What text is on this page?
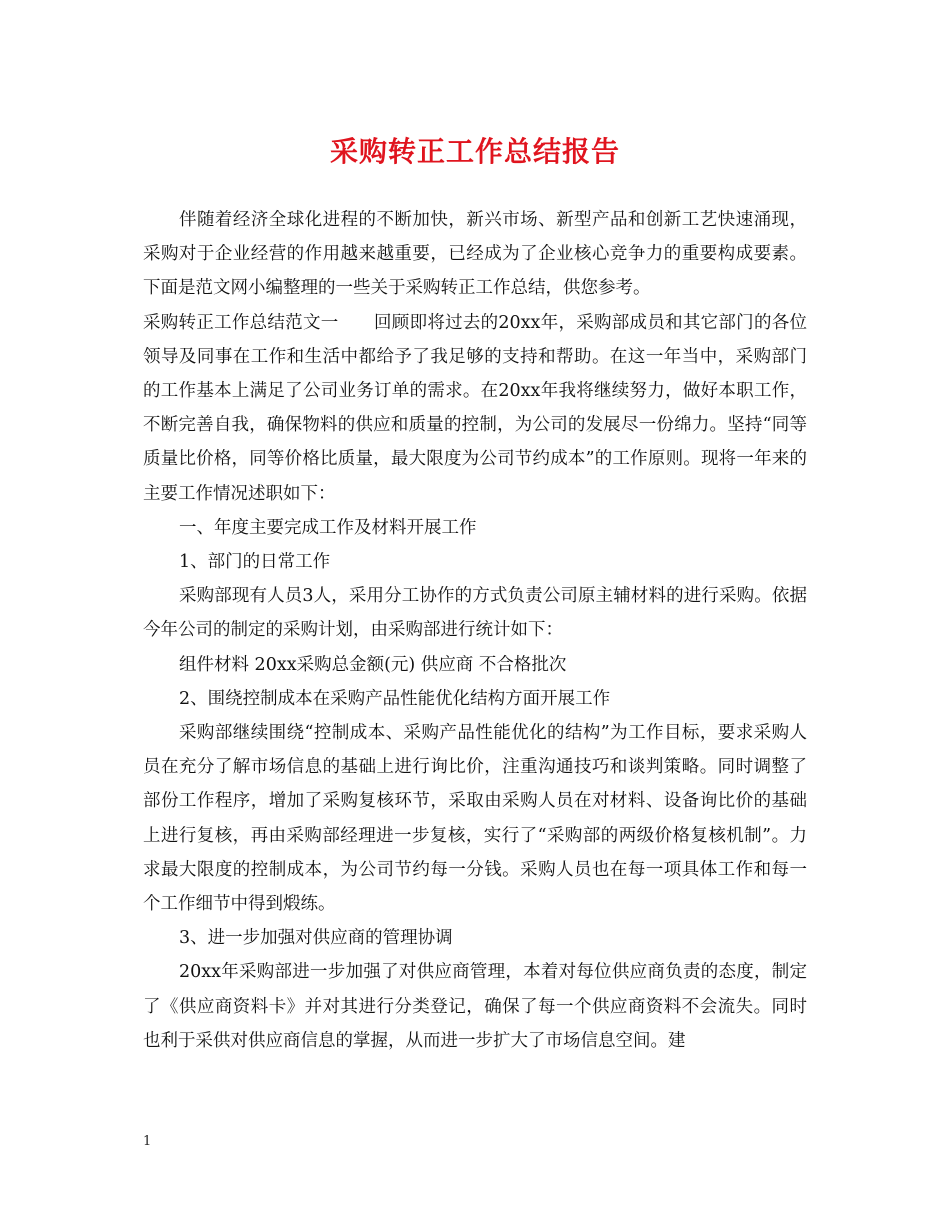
采购转正工作总结报告

伴随着经济全球化进程的不断加快，新兴市场、新型产品和创新工艺快速涌现，采购对于企业经营的作用越来越重要，已经成为了企业核心竞争力的重要构成要素。下面是范文网小编整理的一些关于采购转正工作总结，供您参考。

采购转正工作总结范文一　　回顾即将过去的20xx年，采购部成员和其它部门的各位领导及同事在工作和生活中都给予了我足够的支持和帮助。在这一年当中，采购部门的工作基本上满足了公司业务订单的需求。在20xx年我将继续努力，做好本职工作，不断完善自我，确保物料的供应和质量的控制，为公司的发展尽一份绵力。坚持“同等质量比价格，同等价格比质量，最大限度为公司节约成本”的工作原则。现将一年来的主要工作情况述职如下：

一、年度主要完成工作及材料开展工作

1、部门的日常工作

采购部现有人员3人，采用分工协作的方式负责公司原主辅材料的进行采购。依据今年公司的制定的采购计划，由采购部进行统计如下：

组件材料 20xx采购总金额(元) 供应商 不合格批次

2、围绕控制成本在采购产品性能优化结构方面开展工作

采购部继续围绕“控制成本、采购产品性能优化的结构”为工作目标，要求采购人员在充分了解市场信息的基础上进行询比价，注重沟通技巧和谈判策略。同时调整了部份工作程序，增加了采购复核环节，采取由采购人员在对材料、设备询比价的基础上进行复核，再由采购部经理进一步复核，实行了“采购部的两级价格复核机制”。力求最大限度的控制成本，为公司节约每一分钱。采购人员也在每一项具体工作和每一个工作细节中得到煅练。

3、进一步加强对供应商的管理协调

20xx年采购部进一步加强了对供应商管理，本着对每位供应商负责的态度，制定了《供应商资料卡》并对其进行分类登记，确保了每一个供应商资料不会流失。同时也利于采供对供应商信息的掌握，从而进一步扩大了市场信息空间。建

1
